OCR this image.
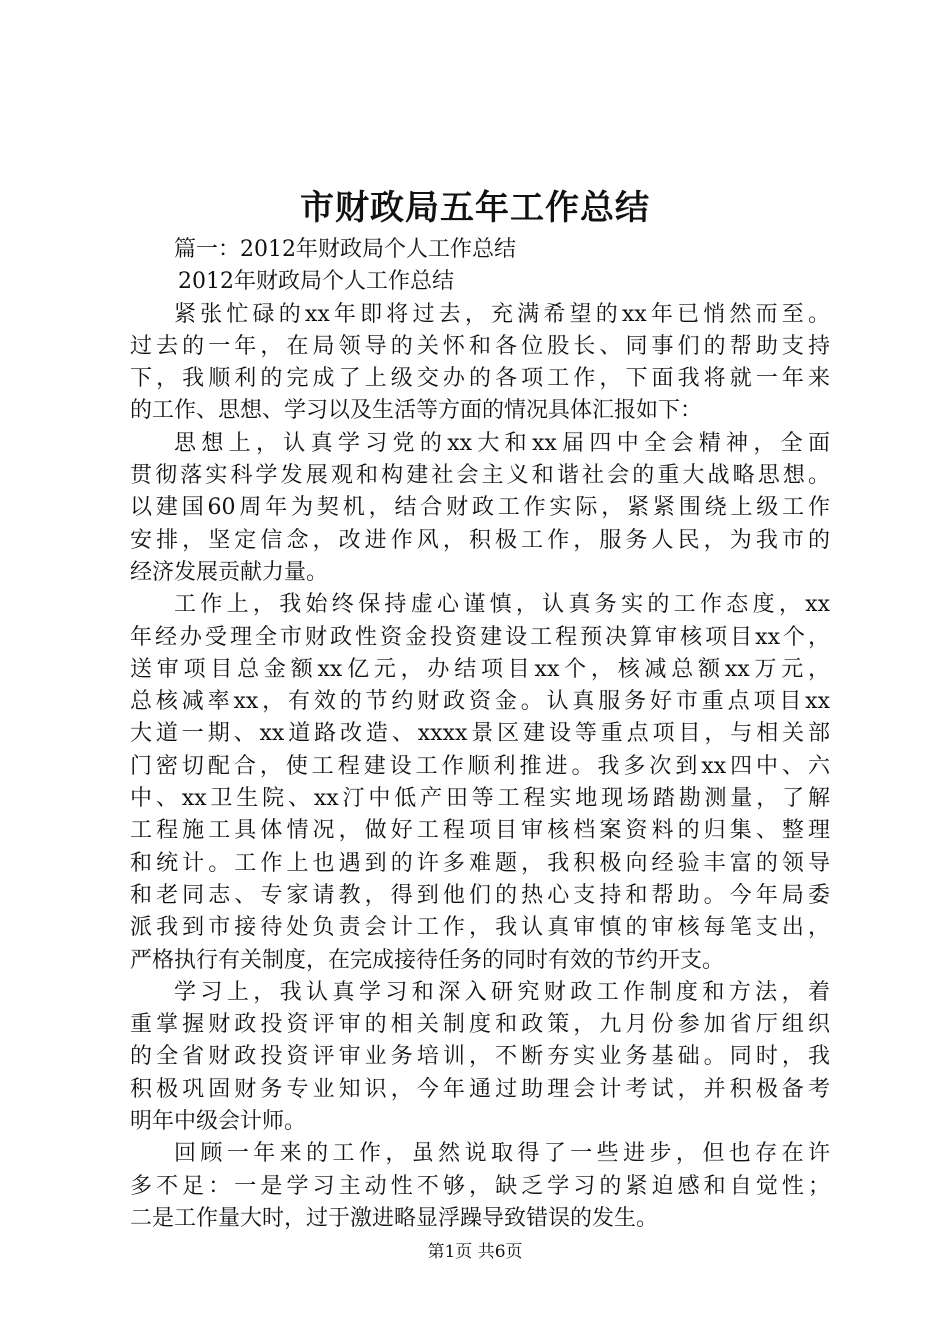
市财政局五年工作总结
篇一：2012年财政局个人工作总结
2012年财政局个人工作总结
紧张忙碌的xx年即将过去，充满希望的xx年已悄然而至。
过去的一年，在局领导的关怀和各位股长、同事们的帮助支持
下，我顺利的完成了上级交办的各项工作，下面我将就一年来
的工作、思想、学习以及生活等方面的情况具体汇报如下：
思想上，认真学习党的xx大和xx届四中全会精神，全面
贯彻落实科学发展观和构建社会主义和谐社会的重大战略思想。
以建国60周年为契机，结合财政工作实际，紧紧围绕上级工作
安排，坚定信念，改进作风，积极工作，服务人民，为我市的
经济发展贡献力量。
工作上，我始终保持虚心谨慎，认真务实的工作态度，xx
年经办受理全市财政性资金投资建设工程预决算审核项目xx个，
送审项目总金额xx亿元，办结项目xx个，核减总额xx万元，
总核减率xx，有效的节约财政资金。认真服务好市重点项目xx
大道一期、xx道路改造、xxxx景区建设等重点项目，与相关部
门密切配合，使工程建设工作顺利推进。我多次到xx四中、六
中、xx卫生院、xx汀中低产田等工程实地现场踏勘测量，了解
工程施工具体情况，做好工程项目审核档案资料的归集、整理
和统计。工作上也遇到的许多难题，我积极向经验丰富的领导
和老同志、专家请教，得到他们的热心支持和帮助。今年局委
派我到市接待处负责会计工作，我认真审慎的审核每笔支出，
严格执行有关制度，在完成接待任务的同时有效的节约开支。
学习上，我认真学习和深入研究财政工作制度和方法，着
重掌握财政投资评审的相关制度和政策，九月份参加省厅组织
的全省财政投资评审业务培训，不断夯实业务基础。同时，我
积极巩固财务专业知识，今年通过助理会计考试，并积极备考
明年中级会计师。
回顾一年来的工作，虽然说取得了一些进步，但也存在许
多不足：一是学习主动性不够，缺乏学习的紧迫感和自觉性；
二是工作量大时，过于激进略显浮躁导致错误的发生。
第1页 共6页
